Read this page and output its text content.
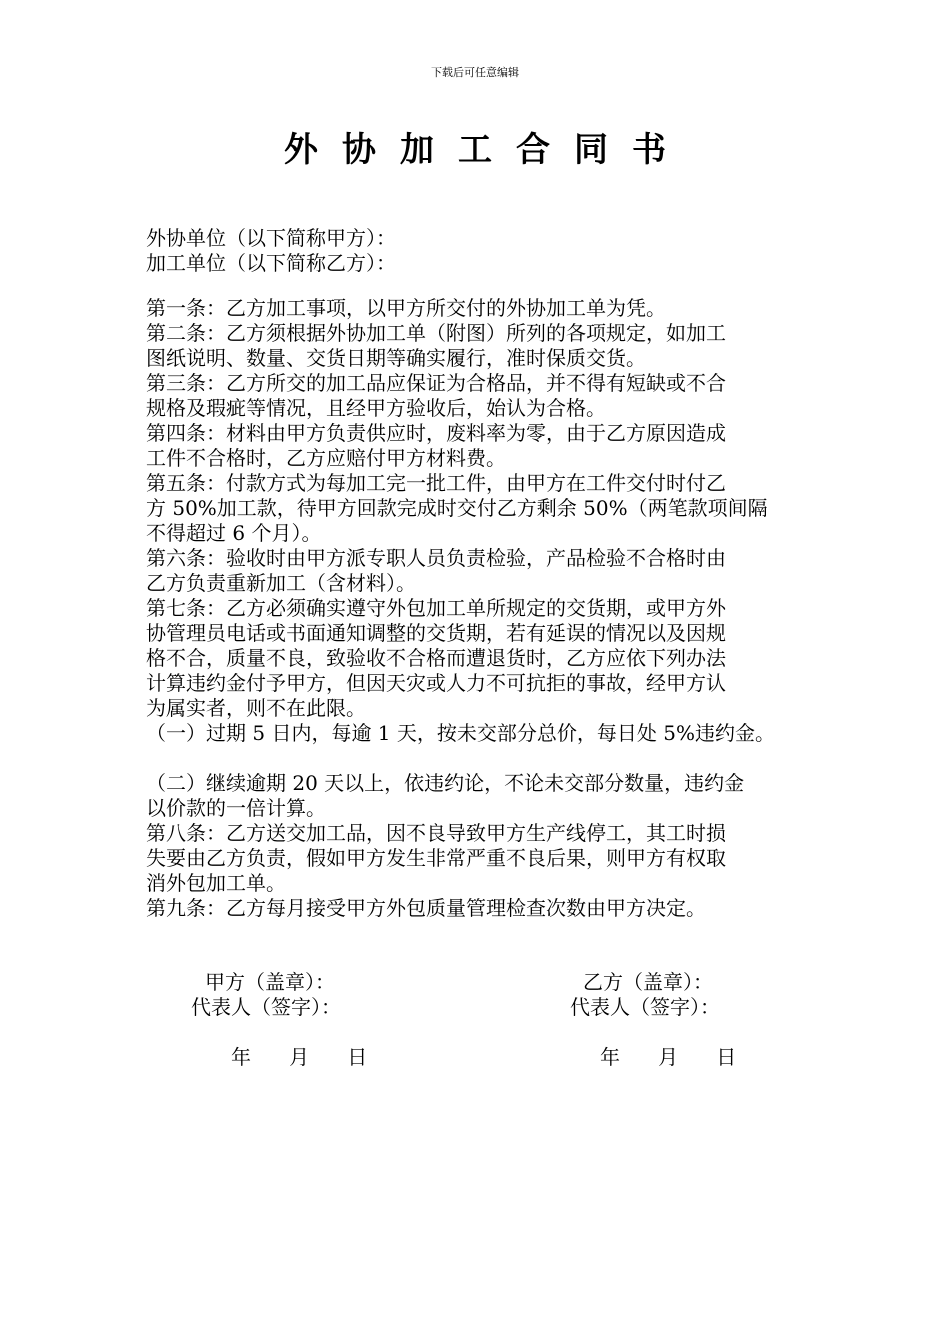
下载后可任意编辑
外协加工合同书

外协单位（以下简称甲方）：

加工单位（以下简称乙方）：

第一条：乙方加工事项，以甲方所交付的外协加工单为凭。

第二条：乙方须根据外协加工单（附图）所列的各项规定，如加工

图纸说明、数量、交货日期等确实履行，准时保质交货。

第三条：乙方所交的加工品应保证为合格品，并不得有短缺或不合

规格及瑕疵等情况，且经甲方验收后，始认为合格。

第四条：材料由甲方负责供应时，废料率为零，由于乙方原因造成

工件不合格时，乙方应赔付甲方材料费。

第五条：付款方式为每加工完一批工件，由甲方在工件交付时付乙

方 50%加工款，待甲方回款完成时交付乙方剩余 50%（两笔款项间隔

不得超过 6 个月）。

第六条：验收时由甲方派专职人员负责检验，产品检验不合格时由

乙方负责重新加工（含材料）。

第七条：乙方必须确实遵守外包加工单所规定的交货期，或甲方外

协管理员电话或书面通知调整的交货期，若有延误的情况以及因规

格不合，质量不良，致验收不合格而遭退货时，乙方应依下列办法

计算违约金付予甲方，但因天灾或人力不可抗拒的事故，经甲方认

为属实者，则不在此限。

（一）过期 5 日内，每逾 1 天，按未交部分总价，每日处 5%违约金。

（二）继续逾期 20 天以上，依违约论，不论未交部分数量，违约金

以价款的一倍计算。

第八条：乙方送交加工品，因不良导致甲方生产线停工，其工时损

失要由乙方负责，假如甲方发生非常严重不良后果，则甲方有权取

消外包加工单。

第九条：乙方每月接受甲方外包质量管理检查次数由甲方决定。

甲方（盖章）：
代表人（签字）：
年      月      日
乙方（盖章）：
代表人（签字）：
年      月      日
